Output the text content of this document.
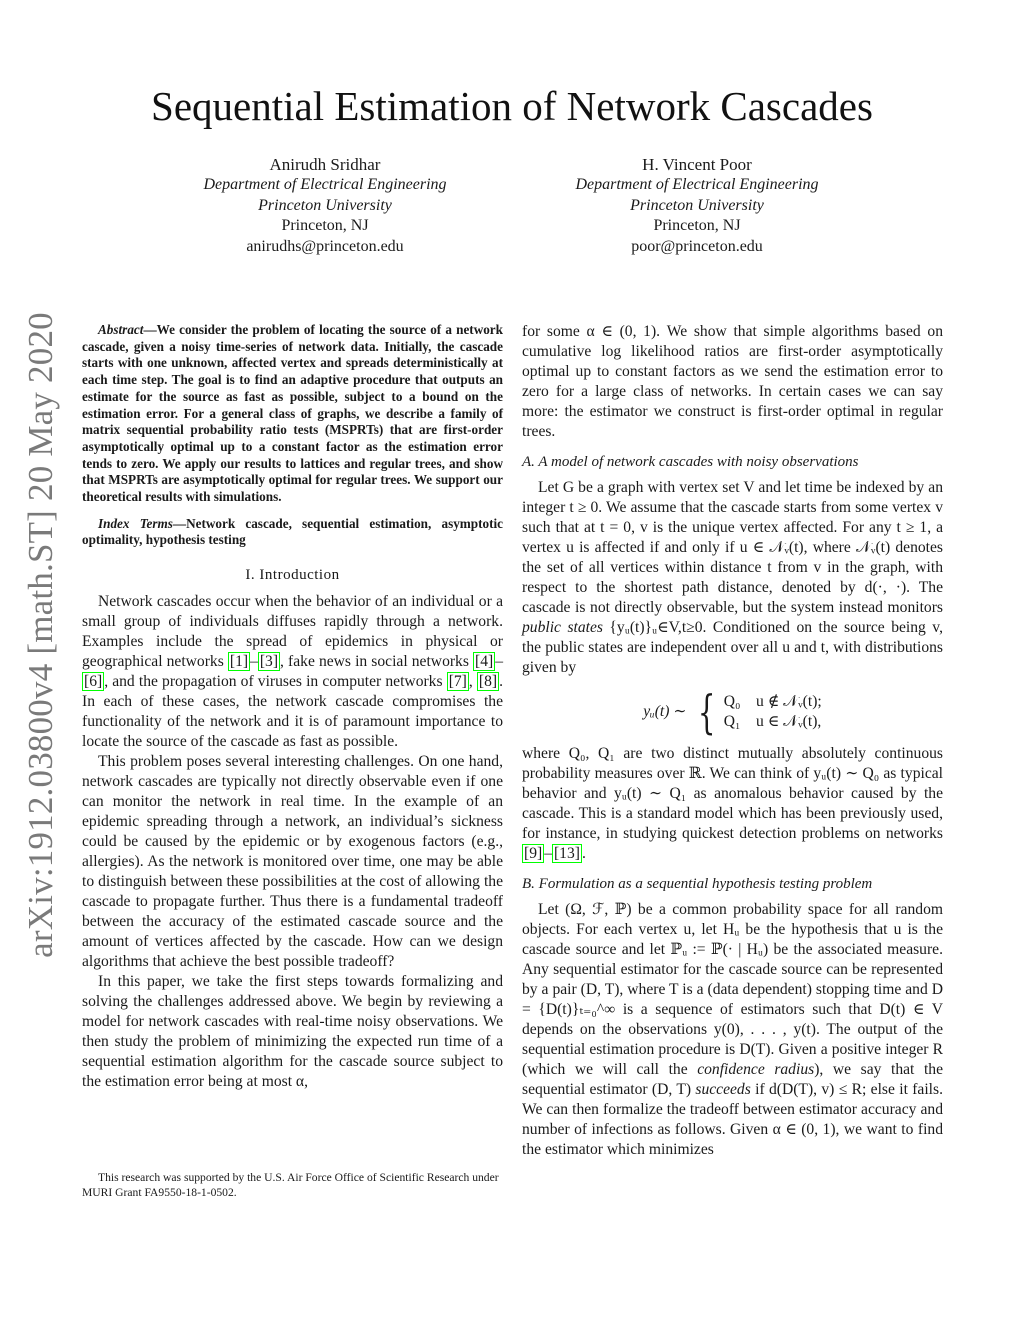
arXiv:1912.03800v4 [math.ST] 20 May 2020
Sequential Estimation of Network Cascades
Anirudh Sridhar
Department of Electrical Engineering
Princeton University
Princeton, NJ
anirudhs@princeton.edu
H. Vincent Poor
Department of Electrical Engineering
Princeton University
Princeton, NJ
poor@princeton.edu

Abstract—We consider the problem of locating the source of a network cascade, given a noisy time-series of network data. Initially, the cascade starts with one unknown, affected vertex and spreads deterministically at each time step. The goal is to find an adaptive procedure that outputs an estimate for the source as fast as possible, subject to a bound on the estimation error. For a general class of graphs, we describe a family of matrix sequential probability ratio tests (MSPRTs) that are first-order asymptotically optimal up to a constant factor as the estimation error tends to zero. We apply our results to lattices and regular trees, and show that MSPRTs are asymptotically optimal for regular trees. We support our theoretical results with simulations.

Index Terms—Network cascade, sequential estimation, asymptotic optimality, hypothesis testing

I. Introduction

Network cascades occur when the behavior of an individual or a small group of individuals diffuses rapidly through a network. Examples include the spread of epidemics in physical or geographical networks [1] – [3] , fake news in social networks [4] –[6] , and the propagation of viruses in computer networks [7] , [8] . In each of these cases, the network cascade compromises the functionality of the network and it is of paramount importance to locate the source of the cascade as fast as possible.

This problem poses several interesting challenges. On one hand, network cascades are typically not directly observable even if one can monitor the network in real time. In the example of an epidemic spreading through a network, an individual’s sickness could be caused by the epidemic or by exogenous factors (e.g., allergies). As the network is monitored over time, one may be able to distinguish between these possibilities at the cost of allowing the cascade to propagate further. Thus there is a fundamental tradeoff between the accuracy of the estimated cascade source and the amount of vertices affected by the cascade. How can we design algorithms that achieve the best possible tradeoff?

In this paper, we take the first steps towards formalizing and solving the challenges addressed above. We begin by reviewing a model for network cascades with real-time noisy observations. We then study the problem of minimizing the expected run time of a sequential estimation algorithm for the cascade source subject to the estimation error being at most α,

This research was supported by the U.S. Air Force Office of Scientific Research under MURI Grant FA9550-18-1-0502.

for some α ∈ (0, 1). We show that simple algorithms based on cumulative log likelihood ratios are first-order asymptotically optimal up to constant factors as we send the estimation error to zero for a large class of networks. In certain cases we can say more: the estimator we construct is first-order optimal in regular trees.

A. A model of network cascades with noisy observations

Let G be a graph with vertex set V and let time be indexed by an integer t ≥ 0. We assume that the cascade starts from some vertex v such that at t = 0, v is the unique vertex affected. For any t ≥ 1, a vertex u is affected if and only if u ∈ 𝒩ᵥ(t), where 𝒩ᵥ(t) denotes the set of all vertices within distance t from v in the graph, with respect to the shortest path distance, denoted by d(·, ·). The cascade is not directly observable, but the system instead monitors public states {yᵤ(t)}ᵤ∈V,t≥0. Conditioned on the source being v, the public states are independent over all u and t, with distributions given by

yᵤ(t) ∼ { Q₀    u ∉ 𝒩ᵥ(t);
Q₁    u ∈ 𝒩ᵥ(t),

where Q₀, Q₁ are two distinct mutually absolutely continuous probability measures over ℝ. We can think of yᵤ(t) ∼ Q₀ as typical behavior and yᵤ(t) ∼ Q₁ as anomalous behavior caused by the cascade. This is a standard model which has been previously used, for instance, in studying quickest detection problems on networks [9] – [13] .

B. Formulation as a sequential hypothesis testing problem

Let (Ω, ℱ, ℙ) be a common probability space for all random objects. For each vertex u, let Hᵤ be the hypothesis that u is the cascade source and let ℙᵤ := ℙ(· | Hᵤ) be the associated measure. Any sequential estimator for the cascade source can be represented by a pair (D, T), where T is a (data dependent) stopping time and D = {D(t)}ₜ₌₀^∞ is a sequence of estimators such that D(t) ∈ V depends on the observations y(0), . . . , y(t). The output of the sequential estimation procedure is D(T). Given a positive integer R (which we will call the confidence radius), we say that the sequential estimator (D, T) succeeds if d(D(T), v) ≤ R; else it fails. We can then formalize the tradeoff between estimator accuracy and number of infections as follows. Given α ∈ (0, 1), we want to find the estimator which minimizes
